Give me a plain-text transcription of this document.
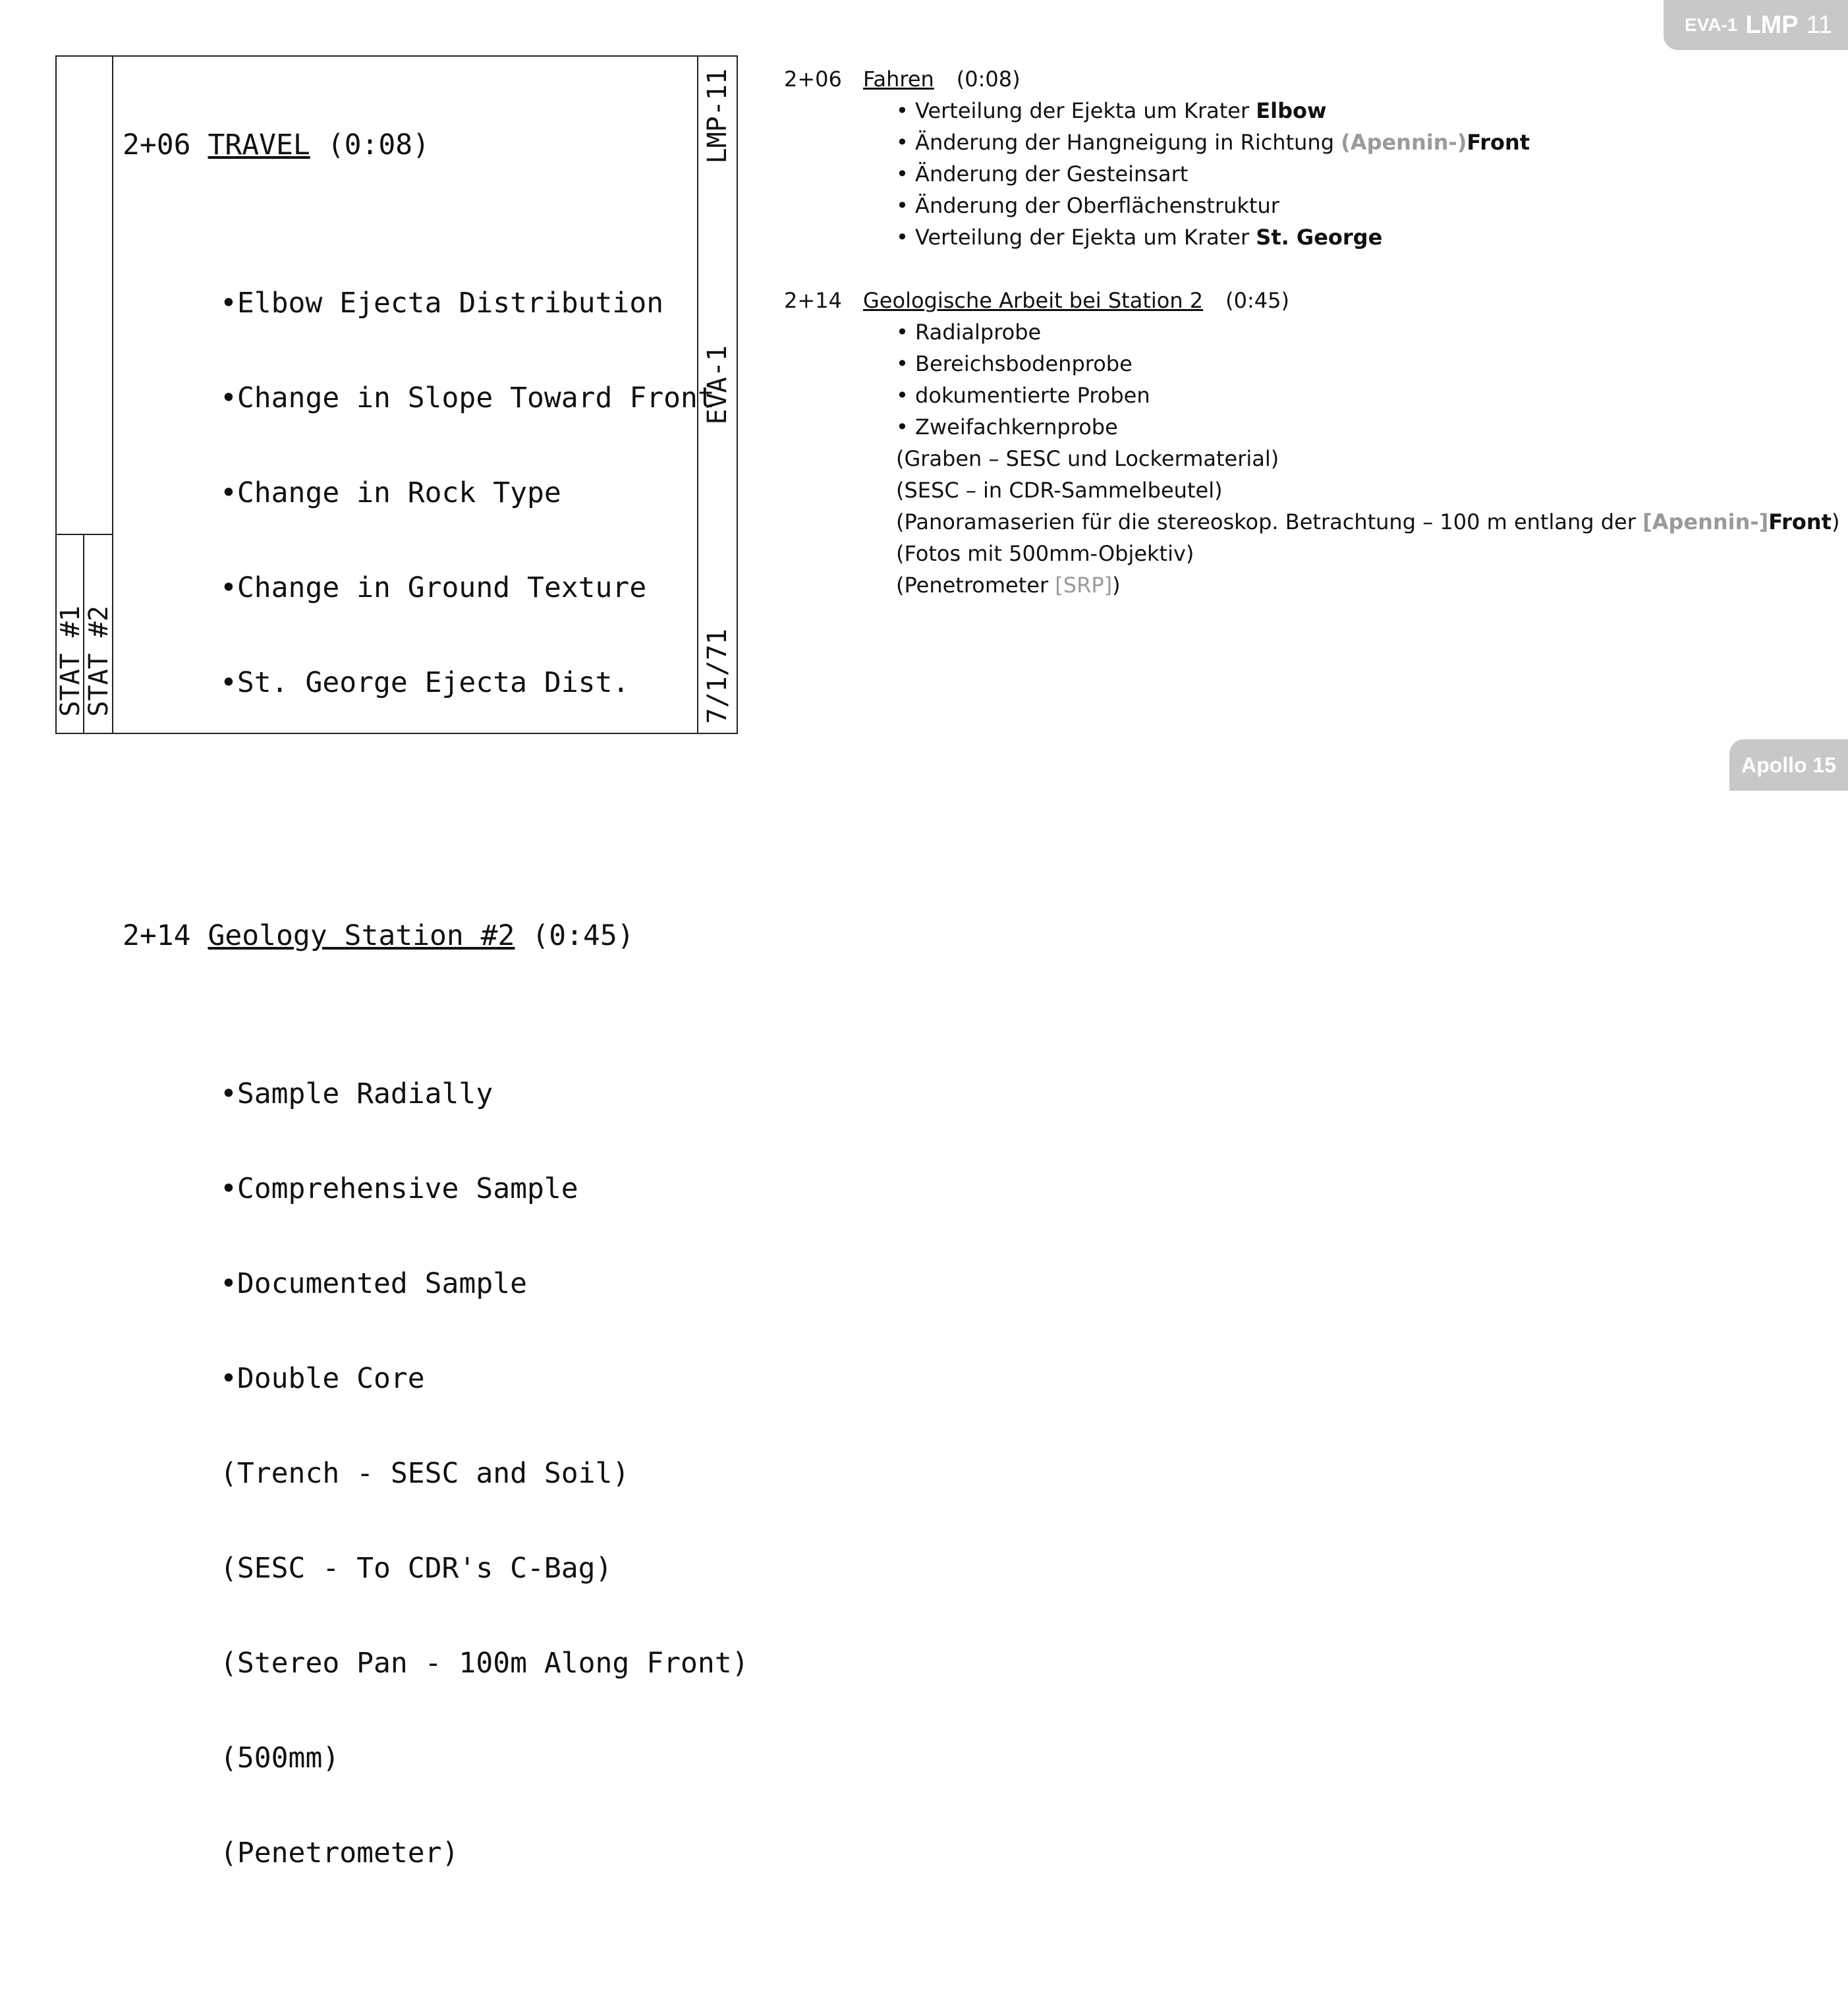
EVA-1 LMP 11
Apollo 15
STAT #1
STAT #2
LMP-11
EVA-1
7/1/71

2+06 TRAVEL (0:08)

•Elbow Ejecta Distribution

•Change in Slope Toward Front

•Change in Rock Type

•Change in Ground Texture

•St. George Ejecta Dist.

2+14 Geology Station #2 (0:45)

•Sample Radially

•Comprehensive Sample

•Documented Sample

•Double Core

(Trench - SESC and Soil)

(SESC - To CDR's C-Bag)

(Stereo Pan - 100m Along Front)

(500mm)

(Penetrometer)

2+06 Fahren (0:08)
• Verteilung der Ejekta um Krater Elbow
• Änderung der Hangneigung in Richtung (Apennin-)Front
• Änderung der Gesteinsart
• Änderung der Oberflächenstruktur
• Verteilung der Ejekta um Krater St. George
2+14 Geologische Arbeit bei Station 2 (0:45)
• Radialprobe
• Bereichsbodenprobe
• dokumentierte Proben
• Zweifachkernprobe
(Graben – SESC und Lockermaterial)
(SESC – in CDR-Sammelbeutel)
(Panoramaserien für die stereoskop. Betrachtung – 100 m entlang der [Apennin-]Front)
(Fotos mit 500mm-Objektiv)
(Penetrometer [SRP])
